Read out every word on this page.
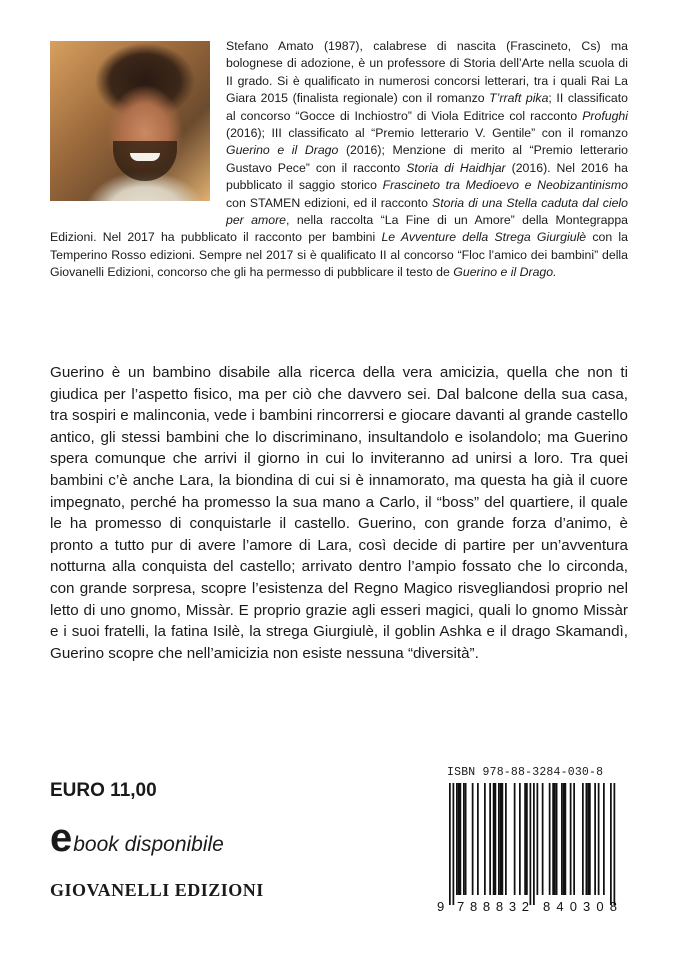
Stefano Amato (1987), calabrese di nascita (Frascineto, Cs) ma bolognese di adozione, è un professore di Storia dell’Arte nella scuola di II grado. Si è qualificato in numerosi concorsi letterari, tra i quali Rai La Giara 2015 (finalista regionale) con il romanzo T’rraft pika; II classificato al concorso “Gocce di Inchiostro” di Viola Editrice col racconto Profughi (2016); III classificato al “Premio letterario V. Gentile” con il romanzo Guerino e il Drago (2016); Menzione di merito al “Premio letterario Gustavo Pece” con il racconto Storia di Haidhjar (2016). Nel 2016 ha pubblicato il saggio storico Frascineto tra Medioevo e Neobizantinismo con STAMEN edizioni, ed il racconto Storia di una Stella caduta dal cielo per amore, nella raccolta “La Fine di un Amore” della Montegrappa Edizioni. Nel 2017 ha pubblicato il racconto per bambini Le Avventure della Strega Giurgiulè con la Temperino Rosso edizioni. Sempre nel 2017 si è qualificato II al concorso “Floc l’amico dei bambini” della Giovanelli Edizioni, concorso che gli ha permesso di pubblicare il testo de Guerino e il Drago.

Guerino è un bambino disabile alla ricerca della vera amicizia, quella che non ti giudica per l’aspetto fisico, ma per ciò che davvero sei. Dal balcone della sua casa, tra sospiri e malinconia, vede i bambini rincorrersi e giocare davanti al grande castello antico, gli stessi bambini che lo discriminano, insultandolo e isolandolo; ma Guerino spera comunque che arrivi il giorno in cui lo inviteranno ad unirsi a loro. Tra quei bambini c’è anche Lara, la biondina di cui si è innamorato, ma questa ha già il cuore impegnato, perché ha promesso la sua mano a Carlo, il “boss” del quartiere, il quale le ha promesso di conquistarle il castello. Guerino, con grande forza d’animo, è pronto a tutto pur di avere l’amore di Lara, così decide di partire per un’avventura notturna alla conquista del castello; arrivato dentro l’ampio fossato che lo circonda, con grande sorpresa, scopre l’esistenza del Regno Magico risvegliandosi proprio nel letto di uno gnomo, Missàr. E proprio grazie agli esseri magici, quali lo gnomo Missàr e i suoi fratelli, la fatina Isilè, la strega Giurgiulè, il goblin Ashka e il drago Skamandì, Guerino scopre che nell’amicizia non esiste nessuna “diversità”.

EURO 11,00

e book disponibile

GIOVANELLI EDIZIONI

ISBN 978-88-3284-030-8
9 788832 840308
